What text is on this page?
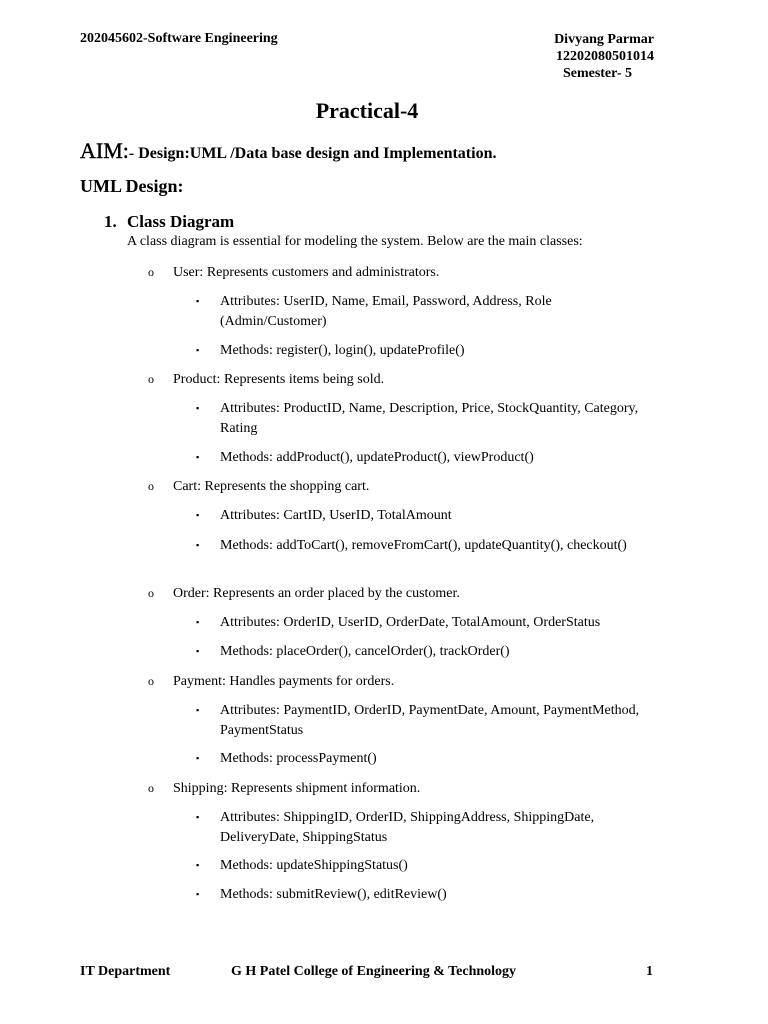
202045602-Software Engineering	Divyang Parmar
12202080501014
Semester- 5
Practical-4
AIM:- Design:UML /Data base design and Implementation.
UML Design:
1. Class Diagram
A class diagram is essential for modeling the system. Below are the main classes:
o User: Represents customers and administrators.
▪ Attributes: UserID, Name, Email, Password, Address, Role (Admin/Customer)
▪ Methods: register(), login(), updateProfile()
o Product: Represents items being sold.
▪ Attributes: ProductID, Name, Description, Price, StockQuantity, Category, Rating
▪ Methods: addProduct(), updateProduct(), viewProduct()
o Cart: Represents the shopping cart.
▪ Attributes: CartID, UserID, TotalAmount
▪ Methods: addToCart(), removeFromCart(), updateQuantity(), checkout()
o Order: Represents an order placed by the customer.
▪ Attributes: OrderID, UserID, OrderDate, TotalAmount, OrderStatus
▪ Methods: placeOrder(), cancelOrder(), trackOrder()
o Payment: Handles payments for orders.
▪ Attributes: PaymentID, OrderID, PaymentDate, Amount, PaymentMethod, PaymentStatus
▪ Methods: processPayment()
o Shipping: Represents shipment information.
▪ Attributes: ShippingID, OrderID, ShippingAddress, ShippingDate, DeliveryDate, ShippingStatus
▪ Methods: updateShippingStatus()
▪ Methods: submitReview(), editReview()
IT Department	G H Patel College of Engineering & Technology	1
